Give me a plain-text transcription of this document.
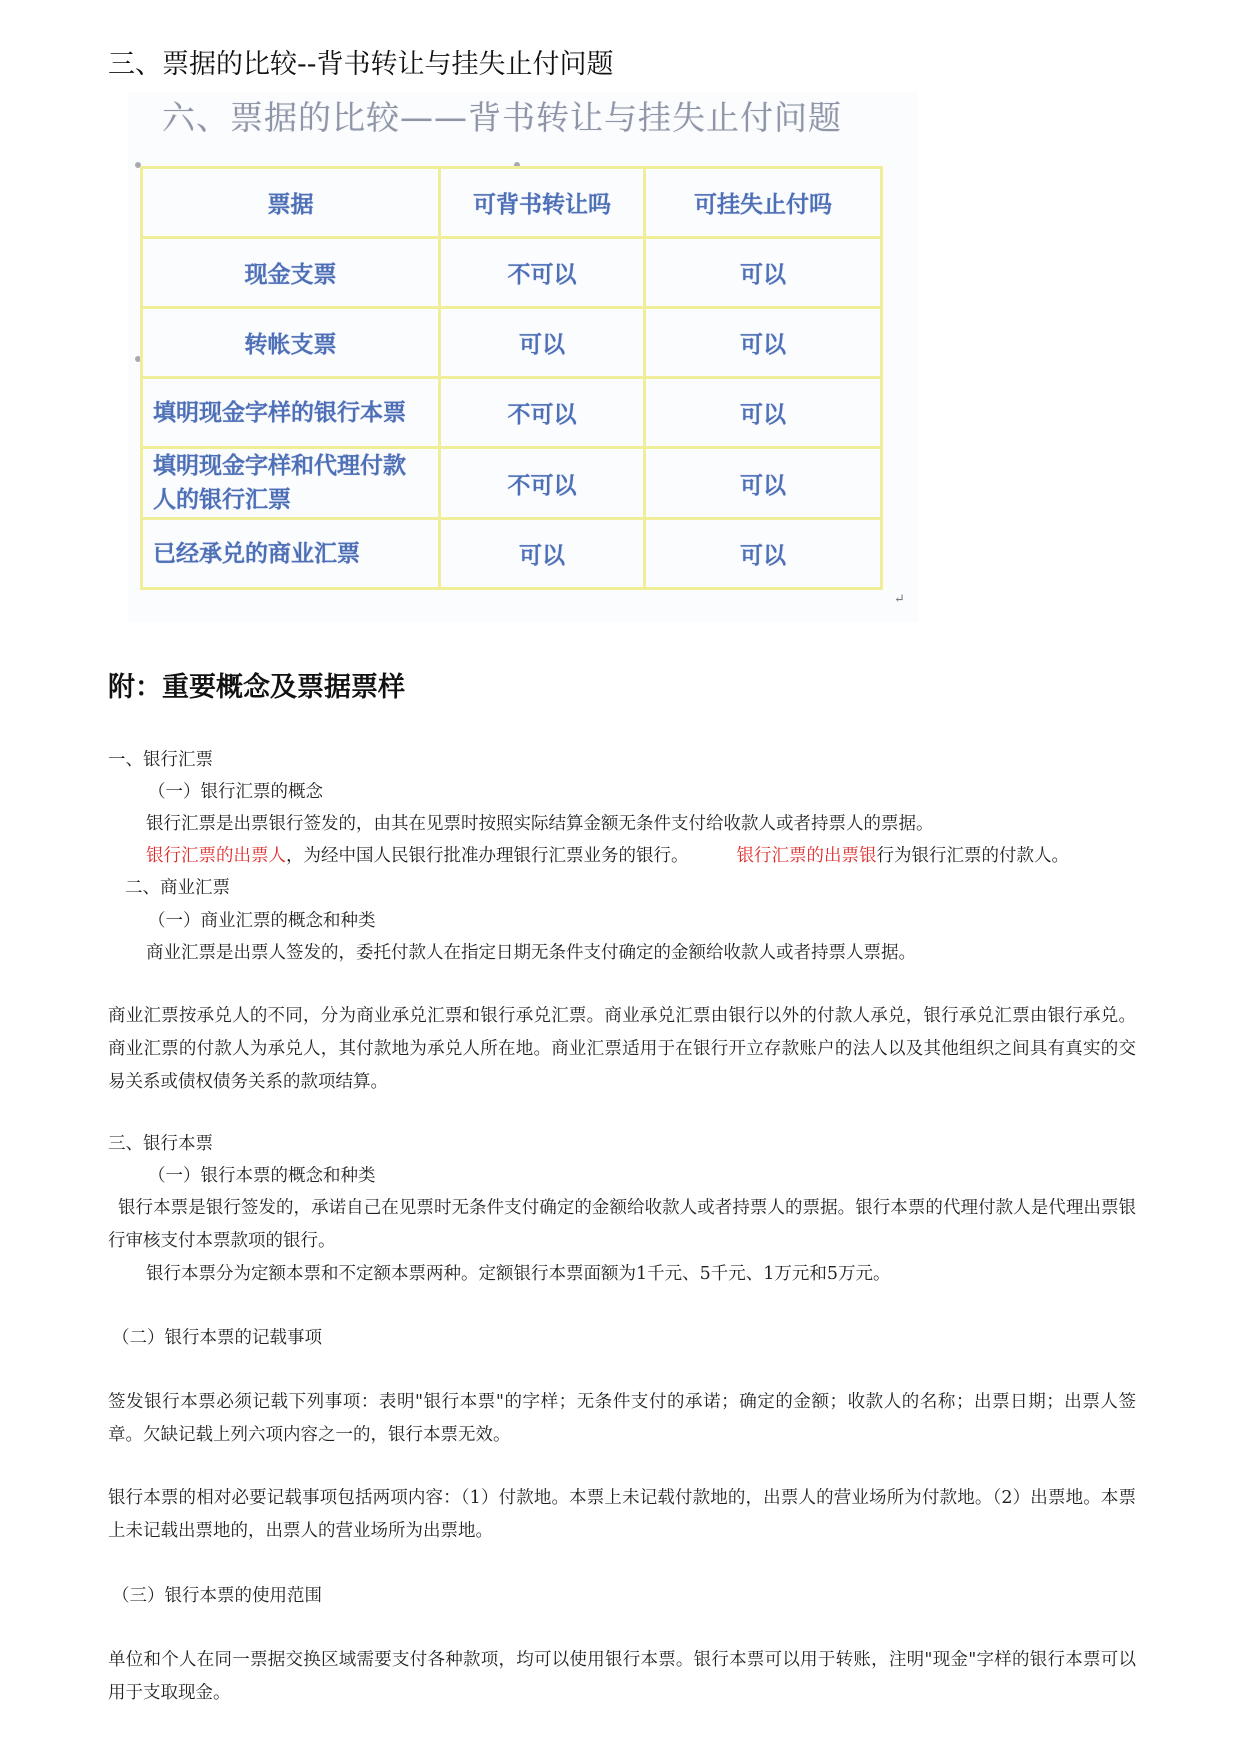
三、票据的比较--背书转让与挂失止付问题
六、票据的比较——背书转让与挂失止付问题
票据	可背书转让吗	可挂失止付吗
现金支票	不可以	可以
转帐支票	可以	可以
填明现金字样的银行本票	不可以	可以
填明现金字样和代理付款人的银行汇票	不可以	可以
已经承兑的商业汇票	可以	可以
↵
附：重要概念及票据票样
一、银行汇票
（一）银行汇票的概念
银行汇票是出票银行签发的，由其在见票时按照实际结算金额无条件支付给收款人或者持票人的票据。
银行汇票的出票人，为经中国人民银行批准办理银行汇票业务的银行。	银行汇票的出票银行为银行汇票的付款人。
二、商业汇票
（一）商业汇票的概念和种类
商业汇票是出票人签发的，委托付款人在指定日期无条件支付确定的金额给收款人或者持票人票据。
商业汇票按承兑人的不同，分为商业承兑汇票和银行承兑汇票。商业承兑汇票由银行以外的付款人承兑，银行承兑汇票由银行承兑。商业汇票的付款人为承兑人，其付款地为承兑人所在地。商业汇票适用于在银行开立存款账户的法人以及其他组织之间具有真实的交易关系或债权债务关系的款项结算。
三、银行本票
（一）银行本票的概念和种类
银行本票是银行签发的，承诺自己在见票时无条件支付确定的金额给收款人或者持票人的票据。银行本票的代理付款人是代理出票银行审核支付本票款项的银行。
银行本票分为定额本票和不定额本票两种。定额银行本票面额为1千元、5千元、1万元和5万元。
（二）银行本票的记载事项
签发银行本票必须记载下列事项：表明"银行本票"的字样；无条件支付的承诺；确定的金额；收款人的名称；出票日期；出票人签章。欠缺记载上列六项内容之一的，银行本票无效。
银行本票的相对必要记载事项包括两项内容：（1）付款地。本票上未记载付款地的，出票人的营业场所为付款地。（2）出票地。本票上未记载出票地的，出票人的营业场所为出票地。
（三）银行本票的使用范围
单位和个人在同一票据交换区域需要支付各种款项，均可以使用银行本票。银行本票可以用于转账，注明"现金"字样的银行本票可以用于支取现金。
